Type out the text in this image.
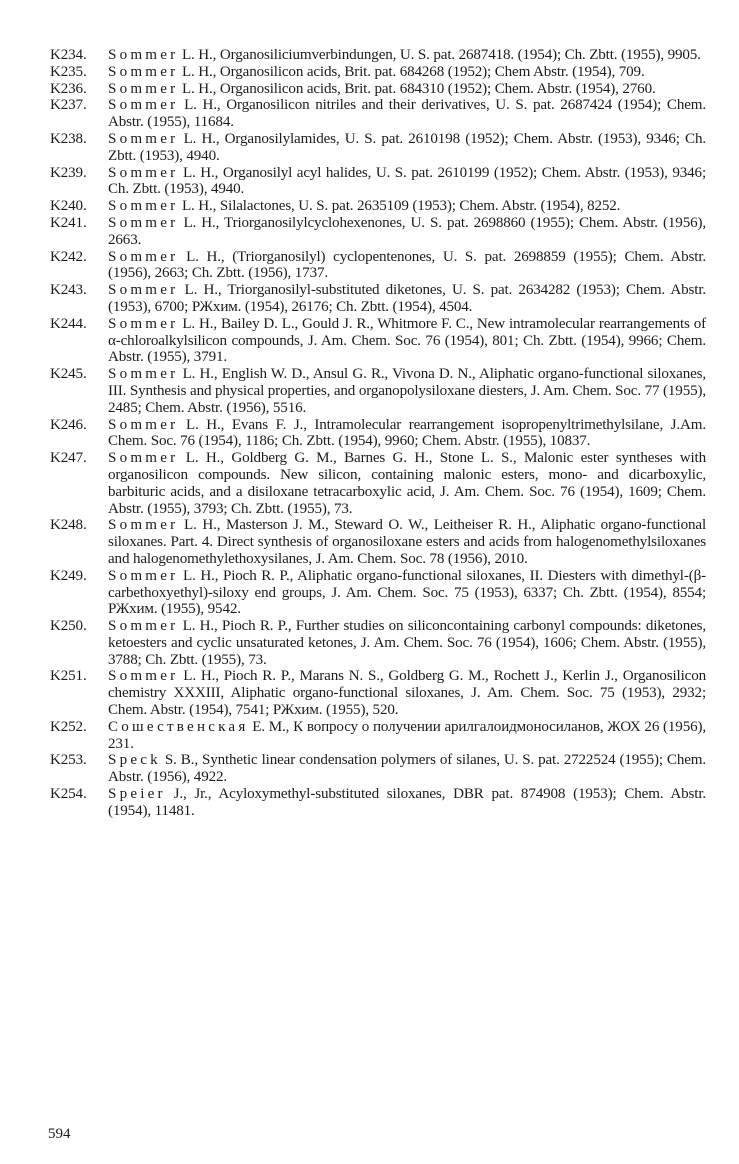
K234.	Sommer L. H., Organosiliciumverbindungen, U. S. pat. 2687418. (1954); Ch. Zbtt. (1955), 9905.
K235.	Sommer L. H., Organosilicon acids, Brit. pat. 684268 (1952); Chem Abstr. (1954), 709.
K236.	Sommer L. H., Organosilicon acids, Brit. pat. 684310 (1952); Chem. Abstr. (1954), 2760.
K237.	Sommer L. H., Organosilicon nitriles and their derivatives, U. S. pat. 2687424 (1954); Chem. Abstr. (1955), 11684.
K238.	Sommer L. H., Organosilylamides, U. S. pat. 2610198 (1952); Chem. Abstr. (1953), 9346; Ch. Zbtt. (1953), 4940.
K239.	Sommer L. H., Organosilyl acyl halides, U. S. pat. 2610199 (1952); Chem. Abstr. (1953), 9346; Ch. Zbtt. (1953), 4940.
K240.	Sommer L. H., Silalactones, U. S. pat. 2635109 (1953); Chem. Abstr. (1954), 8252.
K241.	Sommer L. H., Triorganosilylcyclohexenones, U. S. pat. 2698860 (1955); Chem. Abstr. (1956), 2663.
K242.	Sommer L. H., (Triorganosilyl) cyclopentenones, U. S. pat. 2698859 (1955); Chem. Abstr. (1956), 2663; Ch. Zbtt. (1956), 1737.
K243.	Sommer L. H., Triorganosilyl-substituted diketones, U. S. pat. 2634282 (1953); Chem. Abstr. (1953), 6700; РЖхим. (1954), 26176; Ch. Zbtt. (1954), 4504.
K244.	Sommer L. H., Bailey D. L., Gould J. R., Whitmore F. C., New intramolecular rearrangements of α-chloroalkylsilicon compounds, J. Am. Chem. Soc. 76 (1954), 801; Ch. Zbtt. (1954), 9966; Chem. Abstr. (1955), 3791.
K245.	Sommer L. H., English W. D., Ansul G. R., Vivona D. N., Aliphatic organo-functional siloxanes, III. Synthesis and physical properties, and organopolysiloxane diesters, J. Am. Chem. Soc. 77 (1955), 2485; Chem. Abstr. (1956), 5516.
K246.	Sommer L. H., Evans F. J., Intramolecular rearrangement isopropenyltrimethylsilane, J.Am. Chem. Soc. 76 (1954), 1186; Ch. Zbtt. (1954), 9960; Chem. Abstr. (1955), 10837.
K247.	Sommer L. H., Goldberg G. M., Barnes G. H., Stone L. S., Malonic ester syntheses with organosilicon compounds. New silicon, containing malonic esters, mono- and dicarboxylic, barbituric acids, and a disiloxane tetracarboxylic acid, J. Am. Chem. Soc. 76 (1954), 1609; Chem. Abstr. (1955), 3793; Ch. Zbtt. (1955), 73.
K248.	Sommer L. H., Masterson J. M., Steward O. W., Leitheiser R. H., Aliphatic organo-functional siloxanes. Part. 4. Direct synthesis of organosiloxane esters and acids from halogenomethylsiloxanes and halogenomethylethoxysilanes, J. Am. Chem. Soc. 78 (1956), 2010.
K249.	Sommer L. H., Pioch R. P., Aliphatic organo-functional siloxanes, II. Diesters with dimethyl-(β-carbethoxyethyl)-siloxy end groups, J. Am. Chem. Soc. 75 (1953), 6337; Ch. Zbtt. (1954), 8554; РЖхим. (1955), 9542.
K250.	Sommer L. H., Pioch R. P., Further studies on siliconcontaining carbonyl compounds: diketones, ketoesters and cyclic unsaturated ketones, J. Am. Chem. Soc. 76 (1954), 1606; Chem. Abstr. (1955), 3788; Ch. Zbtt. (1955), 73.
K251.	Sommer L. H., Pioch R. P., Marans N. S., Goldberg G. M., Rochett J., Kerlin J., Organosilicon chemistry XXXIII, Aliphatic organo-functional siloxanes, J. Am. Chem. Soc. 75 (1953), 2932; Chem. Abstr. (1954), 7541; РЖхим. (1955), 520.
K252.	Сошественская Е. М., К вопросу о получении арилгалоидмоносиланов, ЖОХ 26 (1956), 231.
K253.	Speck S. B., Synthetic linear condensation polymers of silanes, U. S. pat. 2722524 (1955); Chem. Abstr. (1956), 4922.
K254.	Speier J., Jr., Acyloxymethyl-substituted siloxanes, DBR pat. 874908 (1953); Chem. Abstr. (1954), 11481.
594
